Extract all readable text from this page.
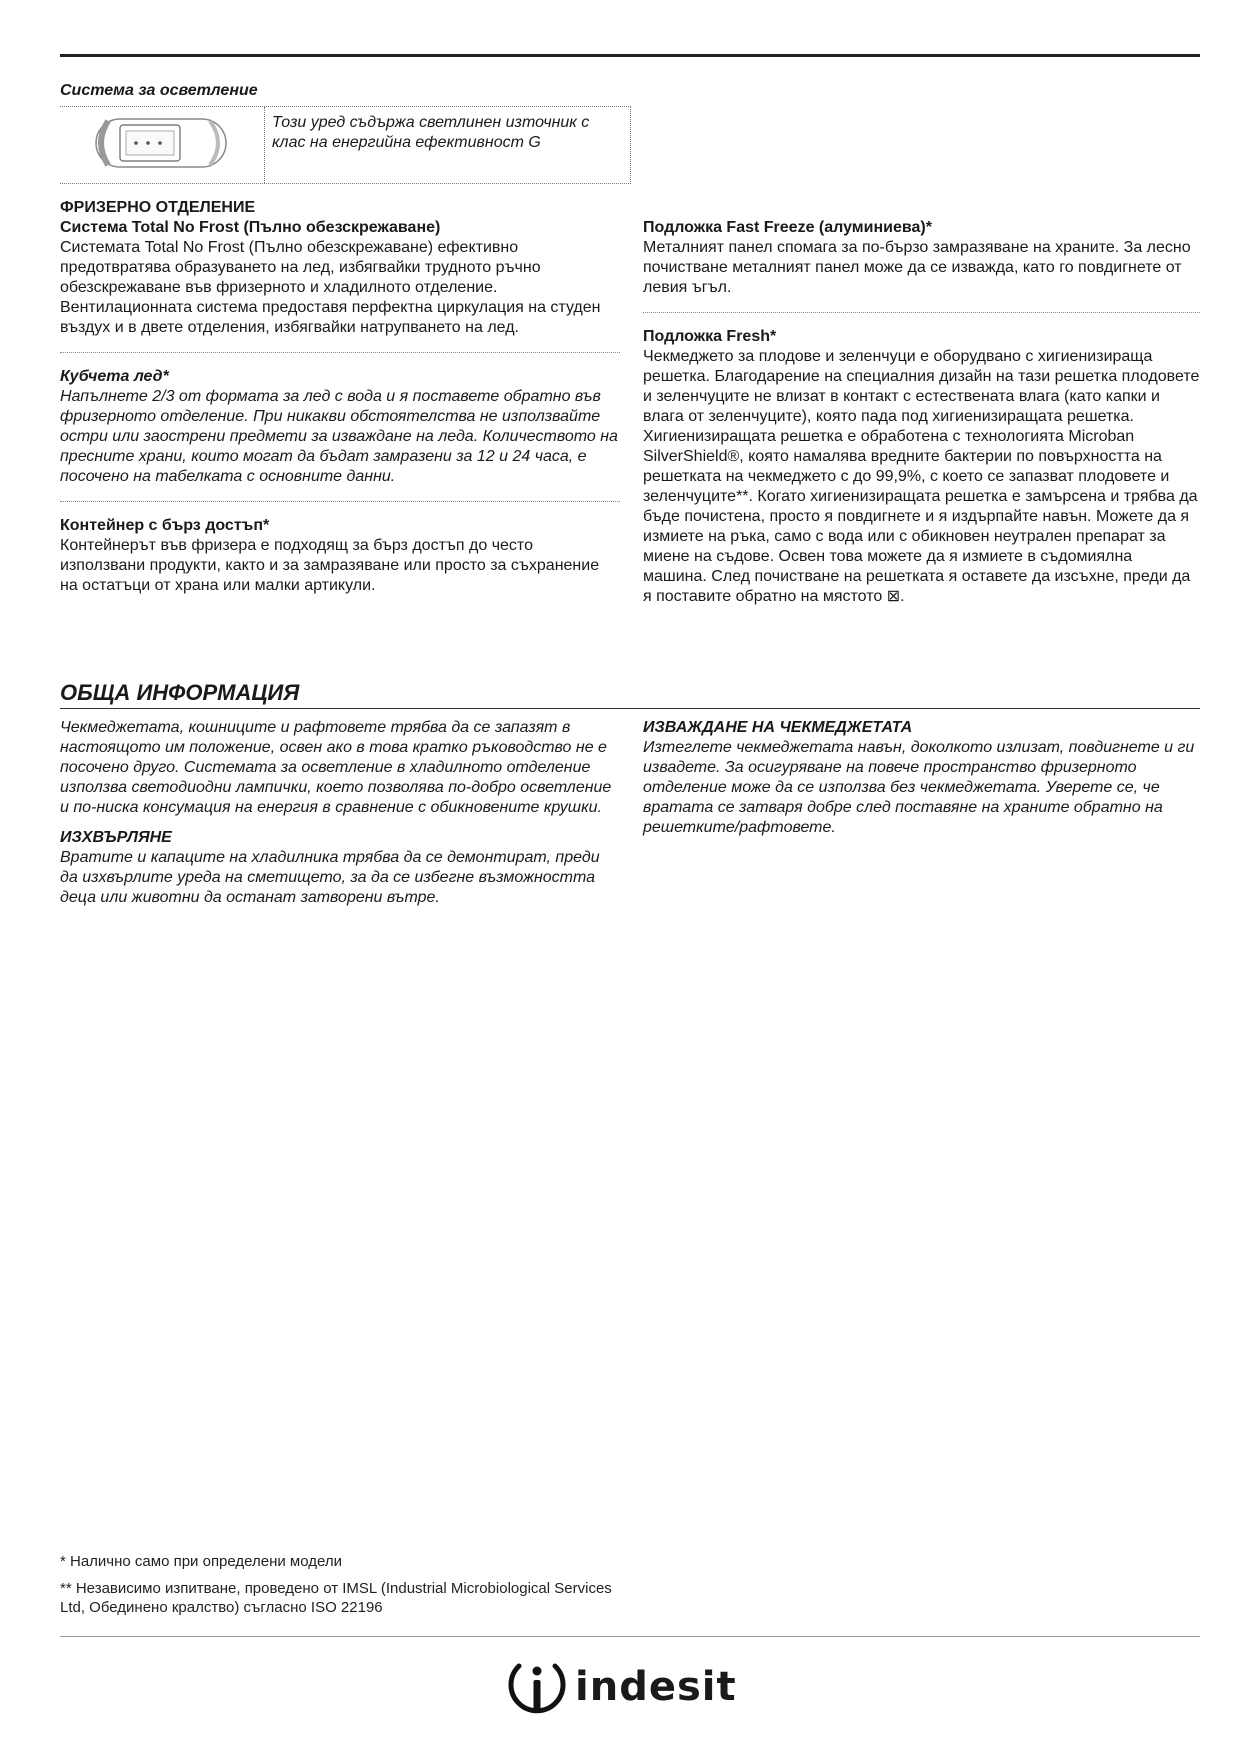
Система за осветление
Този уред съдържа светлинен източник с клас на енергийна ефективност G
ФРИЗЕРНО ОТДЕЛЕНИЕ
Система Total No Frost (Пълно обезскрежаване)

Системата Total No Frost (Пълно обезскрежаване) ефективно предотвратява образуването на лед, избягвайки трудното ръчно обезскрежаване във фризерното и хладилното отделение. Вентилационната система предоставя перфектна циркулация на студен въздух и в двете отделения, избягвайки натрупването на лед.

Кубчета лед*

Напълнете 2/3 от формата за лед с вода и я поставете обратно във фризерното отделение. При никакви обстоятелства не използвайте остри или заострени предмети за изваждане на леда. Количеството на пресните храни, които могат да бъдат замразени за 12 и 24 часа, е посочено на табелката с основните данни.

Контейнер с бърз достъп*

Контейнерът във фризера е подходящ за бърз достъп до често използвани продукти, както и за замразяване или просто за съхранение на остатъци от храна или малки артикули.

Подложка Fast Freeze (алуминиева)*

Металният панел спомага за по-бързо замразяване на храните. За лесно почистване металният панел може да се изважда, като го повдигнете от левия ъгъл.

Подложка Fresh*

Чекмеджето за плодове и зеленчуци е оборудвано с хигиенизираща решетка. Благодарение на специалния дизайн на тази решетка плодовете и зеленчуците не влизат в контакт с естествената влага (като капки и влага от зеленчуците), която пада под хигиенизиращата решетка. Хигиенизиращата решетка е обработена с технологията Microban SilverShield®, която намалява вредните бактерии по повърхността на решетката на чекмеджето с до 99,9%, с което се запазват плодовете и зеленчуците**. Когато хигиенизиращата решетка е замърсена и трябва да бъде почистена, просто я повдигнете и я издърпайте навън. Можете да я измиете на ръка, само с вода или с обикновен неутрален препарат за миене на съдове. Освен това можете да я измиете в съдомиялна машина. След почистване на решетката я оставете да изсъхне, преди да я поставите обратно на мястото ⊠.

ОБЩА ИНФОРМАЦИЯ

Чекмеджетата, кошниците и рафтовете трябва да се запазят в настоящото им положение, освен ако в това кратко ръководство не е посочено друго. Системата за осветление в хладилното отделение използва светодиодни лампички, което позволява по-добро осветление и по-ниска консумация на енергия в сравнение с обикновените крушки.

ИЗХВЪРЛЯНЕ

Вратите и капаците на хладилника трябва да се демонтират, преди да изхвърлите уреда на сметището, за да се избегне възможността деца или животни да останат затворени вътре.

ИЗВАЖДАНЕ НА ЧЕКМЕДЖЕТАТА

Изтеглете чекмеджетата навън, доколкото излизат, повдигнете и ги извадете. За осигуряване на повече пространство фризерното отделение може да се използва без чекмеджетата. Уверете се, че вратата се затваря добре след поставяне на храните обратно на решетките/рафтовете.

* Налично само при определени модели

** Независимо изпитване, проведено от IMSL (Industrial Microbiological Services Ltd, Обединено кралство) съгласно ISO 22196

indesit
